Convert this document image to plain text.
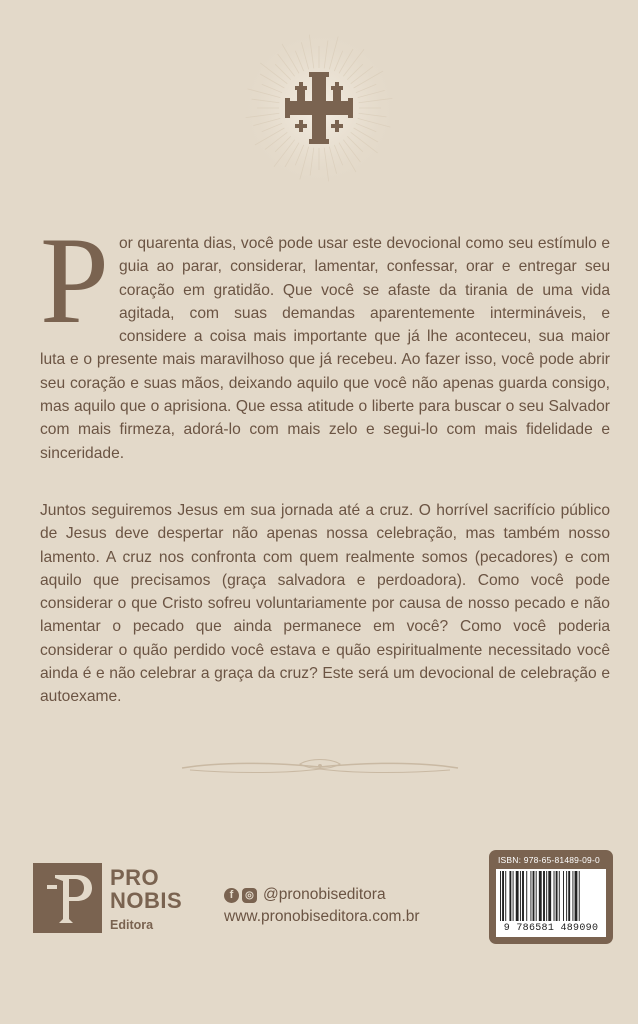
Por quarenta dias, você pode usar este devocional como seu estímulo e guia ao parar, considerar, lamentar, confessar, orar e entregar seu coração em gratidão. Que você se afaste da tirania de uma vida agitada, com suas demandas aparentemente intermináveis, e considere a coisa mais importante que já lhe aconteceu, sua maior luta e o presente mais maravilhoso que já recebeu. Ao fazer isso, você pode abrir seu coração e suas mãos, deixando aquilo que você não apenas guarda consigo, mas aquilo que o aprisiona. Que essa atitude o liberte para buscar o seu Salvador com mais firmeza, adorá-lo com mais zelo e segui-lo com mais fidelidade e sinceridade.
Juntos seguiremos Jesus em sua jornada até a cruz. O horrível sacrifício público de Jesus deve despertar não apenas nossa celebração, mas também nosso lamento. A cruz nos confronta com quem realmente somos (pecadores) e com aquilo que precisamos (graça salvadora e perdoadora). Como você pode considerar o que Cristo sofreu voluntariamente por causa de nosso pecado e não lamentar o pecado que ainda permanece em você? Como você poderia considerar o quão perdido você estava e quão espiritualmente necessitado você ainda é e não celebrar a graça da cruz? Este será um devocional de celebração e autoexame.
PRO
NOBIS
Editora
f	◎ @pronobiseditora
www.pronobiseditora.com.br
ISBN: 978-65-81489-09-0
9 786581 489090
